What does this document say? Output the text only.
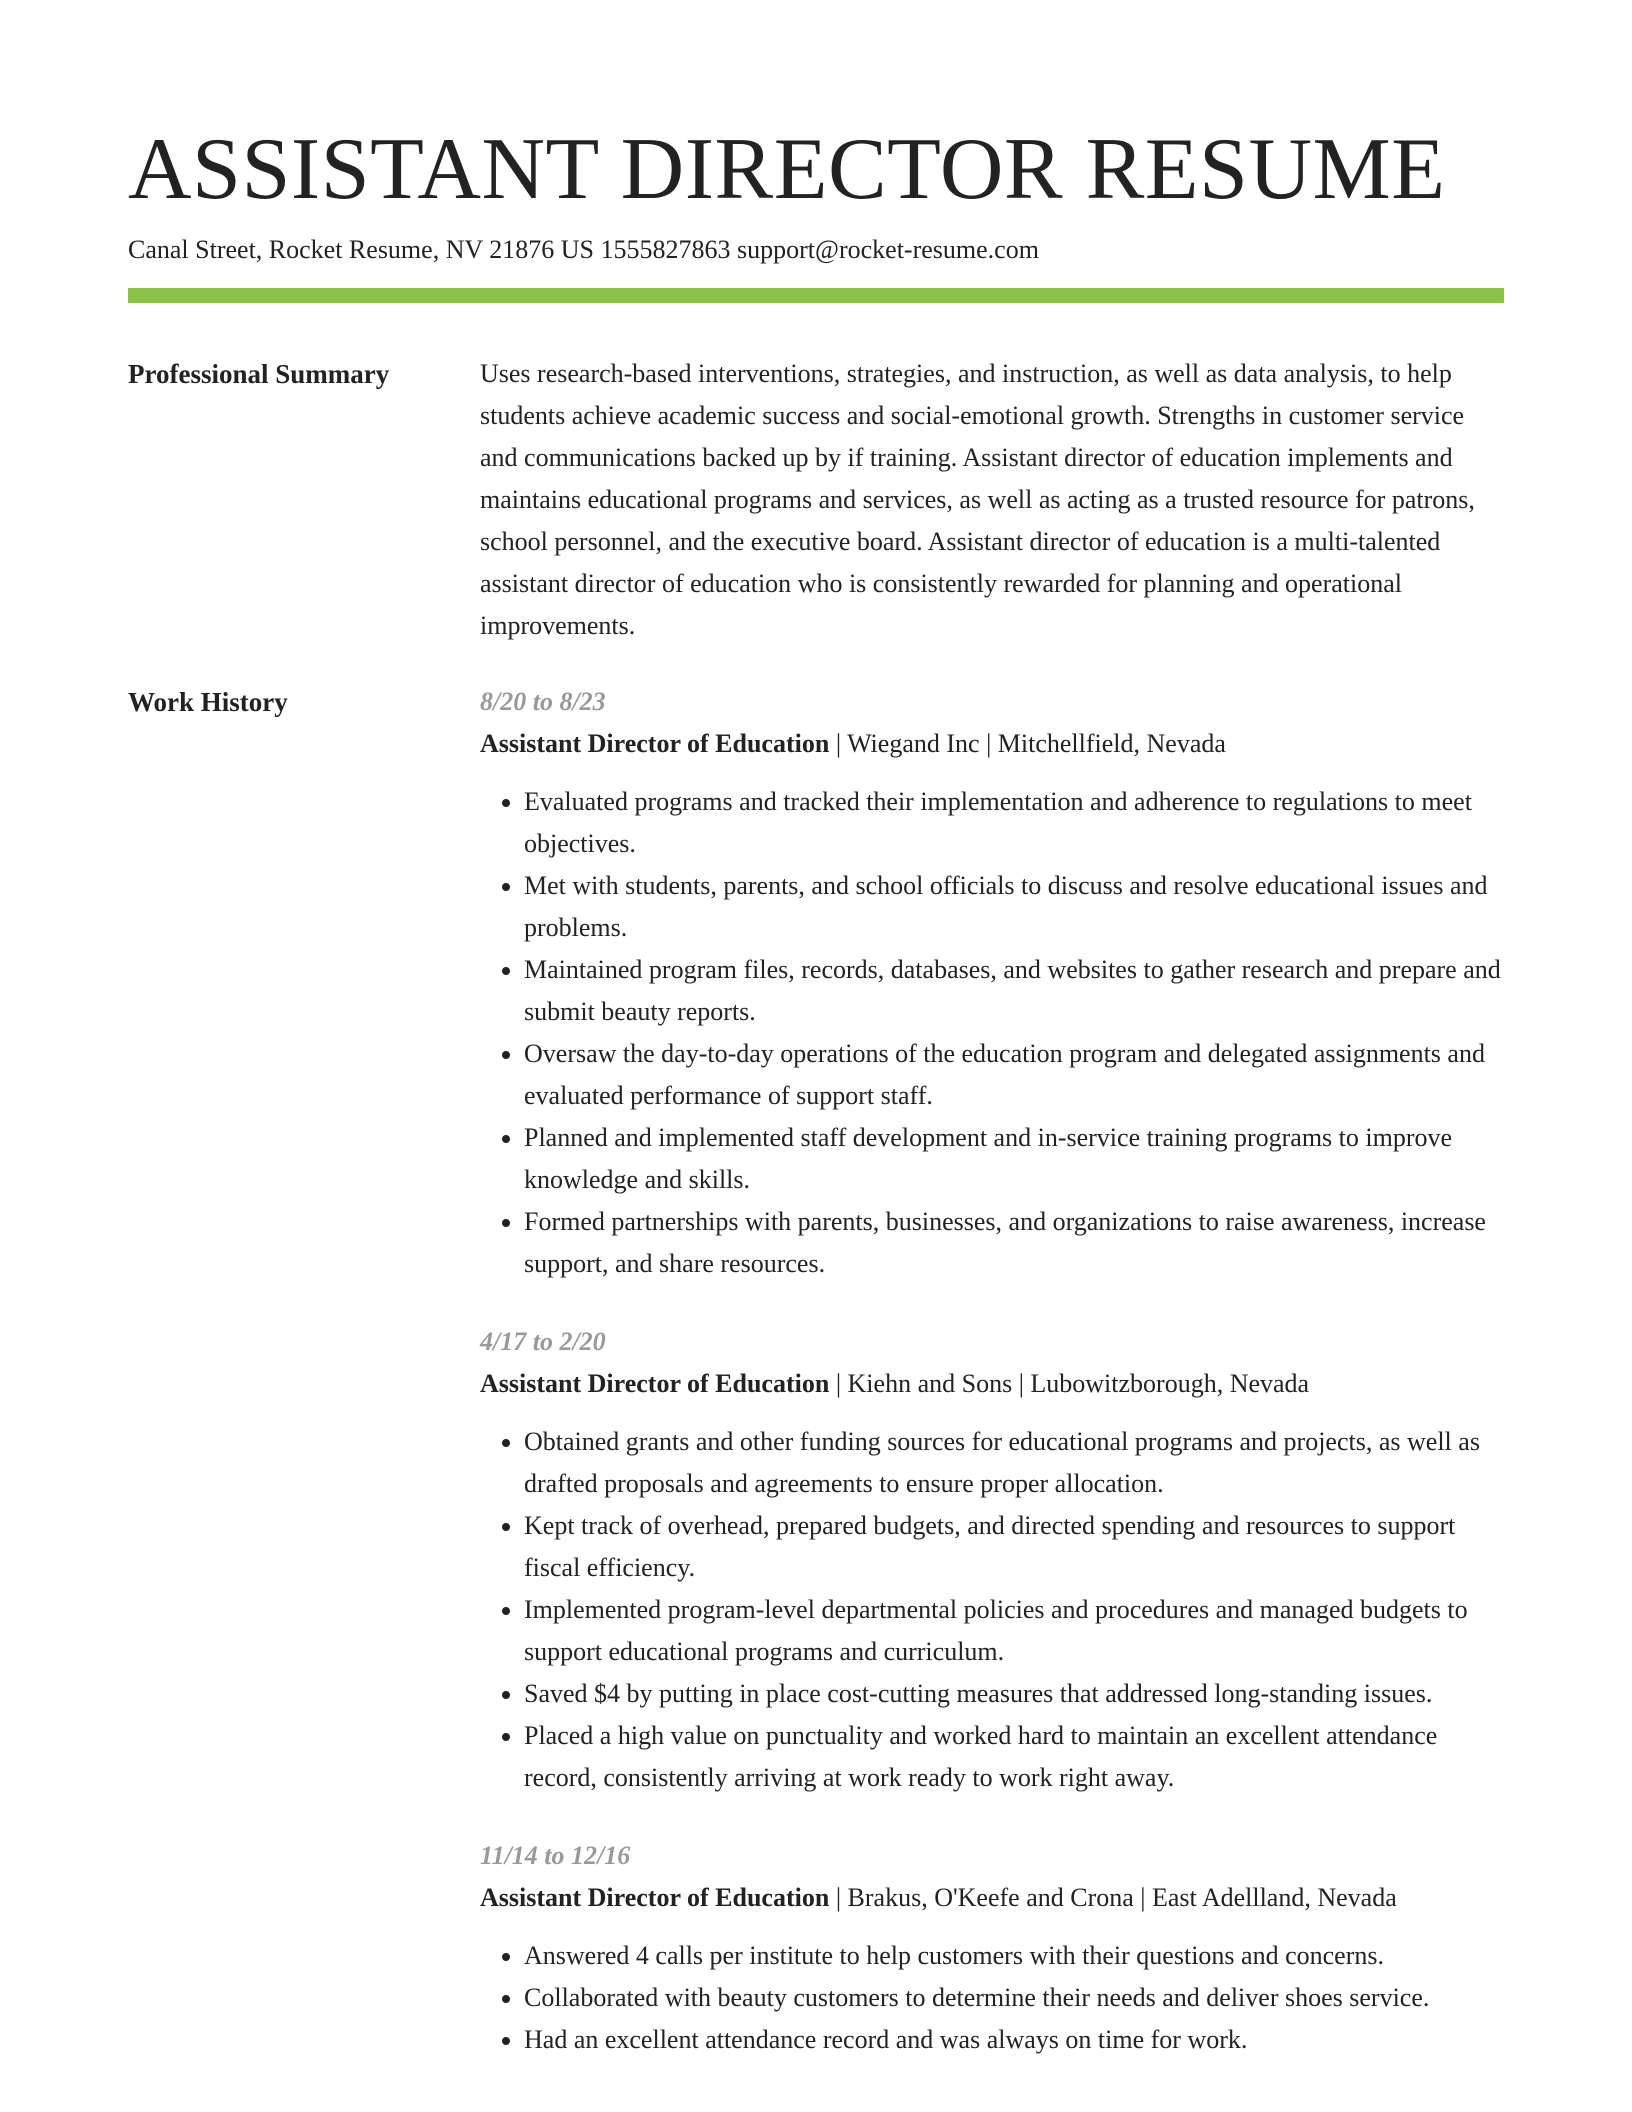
ASSISTANT DIRECTOR RESUME
Canal Street, Rocket Resume, NV 21876 US 1555827863 support@rocket-resume.com
Professional Summary	Uses research-based interventions, strategies, and instruction, as well as data analysis, to help students achieve academic success and social-emotional growth. Strengths in customer service and communications backed up by if training. Assistant director of education implements and maintains educational programs and services, as well as acting as a trusted resource for patrons, school personnel, and the executive board. Assistant director of education is a multi-talented assistant director of education who is consistently rewarded for planning and operational improvements.

Work History	8/20 to 8/23
Assistant Director of Education | Wiegand Inc | Mitchellfield, Nevada
• Evaluated programs and tracked their implementation and adherence to regulations to meet objectives.
• Met with students, parents, and school officials to discuss and resolve educational issues and problems.
• Maintained program files, records, databases, and websites to gather research and prepare and submit beauty reports.
• Oversaw the day-to-day operations of the education program and delegated assignments and evaluated performance of support staff.
• Planned and implemented staff development and in-service training programs to improve knowledge and skills.
• Formed partnerships with parents, businesses, and organizations to raise awareness, increase support, and share resources.
4/17 to 2/20
Assistant Director of Education | Kiehn and Sons | Lubowitzborough, Nevada
• Obtained grants and other funding sources for educational programs and projects, as well as drafted proposals and agreements to ensure proper allocation.
• Kept track of overhead, prepared budgets, and directed spending and resources to support fiscal efficiency.
• Implemented program-level departmental policies and procedures and managed budgets to support educational programs and curriculum.
• Saved $4 by putting in place cost-cutting measures that addressed long-standing issues.
• Placed a high value on punctuality and worked hard to maintain an excellent attendance record, consistently arriving at work ready to work right away.
11/14 to 12/16
Assistant Director of Education | Brakus, O'Keefe and Crona | East Adellland, Nevada
• Answered 4 calls per institute to help customers with their questions and concerns.
• Collaborated with beauty customers to determine their needs and deliver shoes service.
• Had an excellent attendance record and was always on time for work.
